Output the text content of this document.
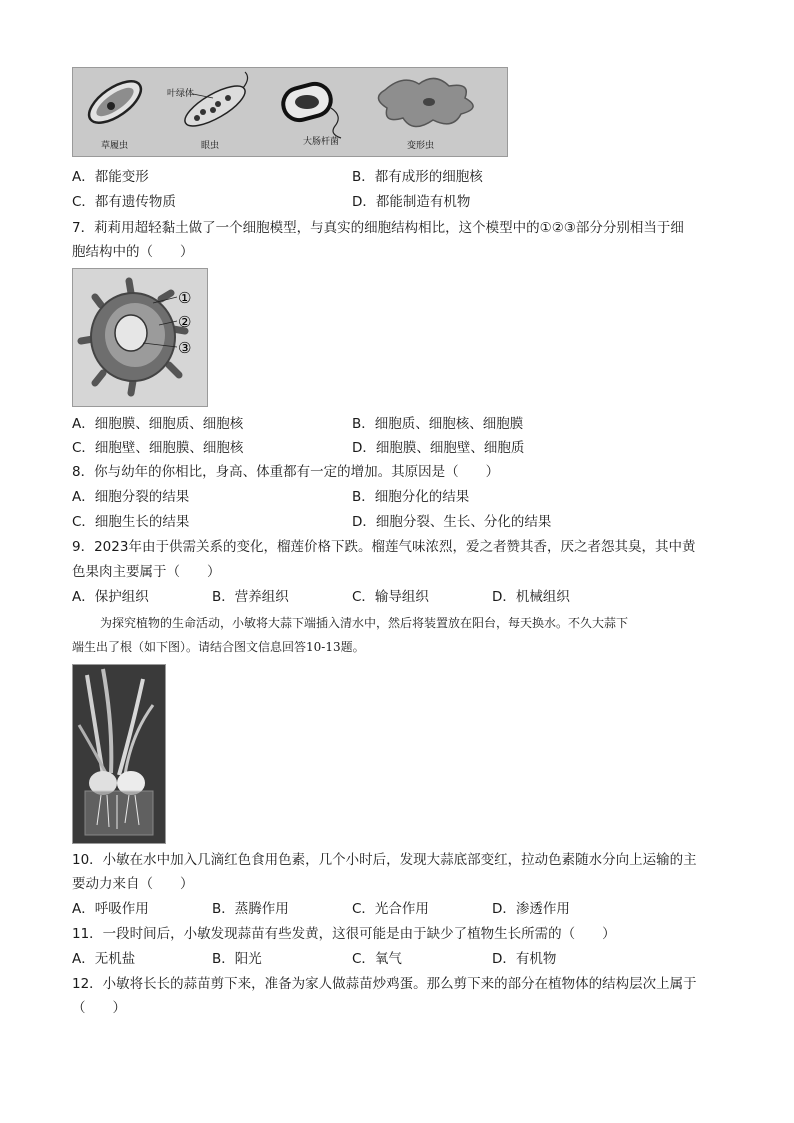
叶绿体
草履虫	眼虫	大肠杆菌	变形虫
A．都能变形	B．都有成形的细胞核
C．都有遗传物质	D．都能制造有机物
7．莉莉用超轻黏土做了一个细胞模型，与真实的细胞结构相比，这个模型中的①②③部分分别相当于细
胞结构中的（　　）
①
②
③
A．细胞膜、细胞质、细胞核	B．细胞质、细胞核、细胞膜
C．细胞壁、细胞膜、细胞核	D．细胞膜、细胞壁、细胞质
8．你与幼年的你相比，身高、体重都有一定的增加。其原因是（　　）
A．细胞分裂的结果	B．细胞分化的结果
C．细胞生长的结果	D．细胞分裂、生长、分化的结果
9．2023年由于供需关系的变化，榴莲价格下跌。榴莲气味浓烈，爱之者赞其香，厌之者怨其臭，其中黄
色果肉主要属于（　　）
A．保护组织	B．营养组织	C．输导组织	D．机械组织
为探究植物的生命活动，小敏将大蒜下端插入清水中，然后将装置放在阳台，每天换水。不久大蒜下
端生出了根（如下图）。请结合图文信息回答10-13题。
10．小敏在水中加入几滴红色食用色素，几个小时后，发现大蒜底部变红，拉动色素随水分向上运输的主
要动力来自（　　）
A．呼吸作用	B．蒸腾作用	C．光合作用	D．渗透作用
11．一段时间后，小敏发现蒜苗有些发黄，这很可能是由于缺少了植物生长所需的（　　）
A．无机盐	B．阳光	C．氧气	D．有机物
12．小敏将长长的蒜苗剪下来，准备为家人做蒜苗炒鸡蛋。那么剪下来的部分在植物体的结构层次上属于
（　　）
